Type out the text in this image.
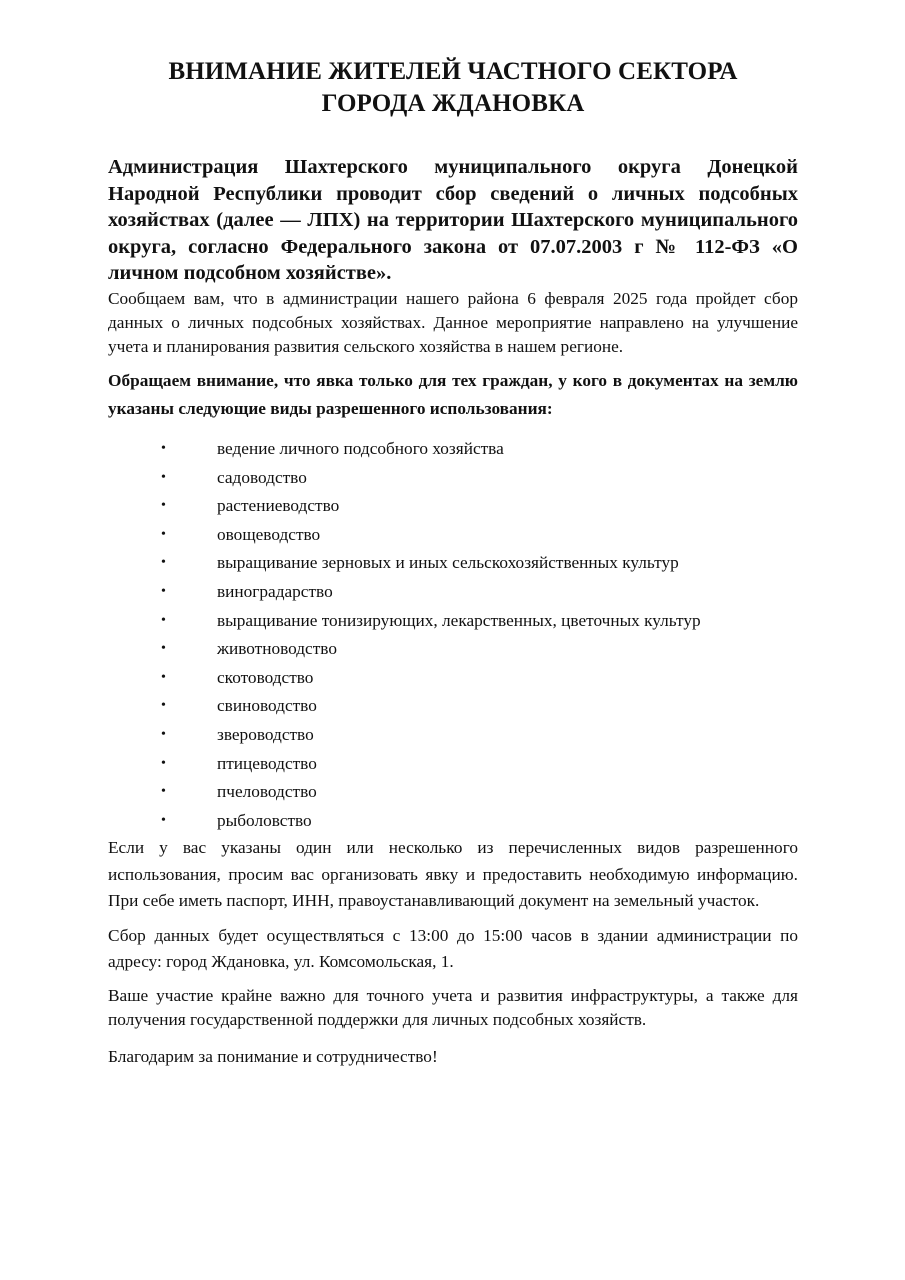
ВНИМАНИЕ ЖИТЕЛЕЙ ЧАСТНОГО СЕКТОРА
ГОРОДА ЖДАНОВКА

Администрация Шахтерского муниципального округа Донецкой Народной Республики проводит сбор сведений о личных подсобных хозяйствах (далее — ЛПХ) на территории Шахтерского муниципального округа, согласно Федерального закона от 07.07.2003 г № 112-ФЗ «О личном подсобном хозяйстве».

Сообщаем вам, что в администрации нашего района 6 февраля 2025 года пройдет сбор данных о личных подсобных хозяйствах. Данное мероприятие направлено на улучшение учета и планирования развития сельского хозяйства в нашем регионе.

Обращаем внимание, что явка только для тех граждан, у кого в документах на землю указаны следующие виды разрешенного использования:

•	ведение личного подсобного хозяйства
•	садоводство
•	растениеводство
•	овощеводство
•	выращивание зерновых и иных сельскохозяйственных культур
•	виноградарство
•	выращивание тонизирующих, лекарственных, цветочных культур
•	животноводство
•	скотоводство
•	свиноводство
•	звероводство
•	птицеводство
•	пчеловодство
•	рыболовство

Если у вас указаны один или несколько из перечисленных видов разрешенного использования, просим вас организовать явку и предоставить необходимую информацию. При себе иметь паспорт, ИНН, правоустанавливающий документ на земельный участок.

Сбор данных будет осуществляться с 13:00 до 15:00 часов в здании администрации по адресу: город Ждановка, ул. Комсомольская, 1.

Ваше участие крайне важно для точного учета и развития инфраструктуры, а также для получения государственной поддержки для личных подсобных хозяйств.

Благодарим за понимание и сотрудничество!
